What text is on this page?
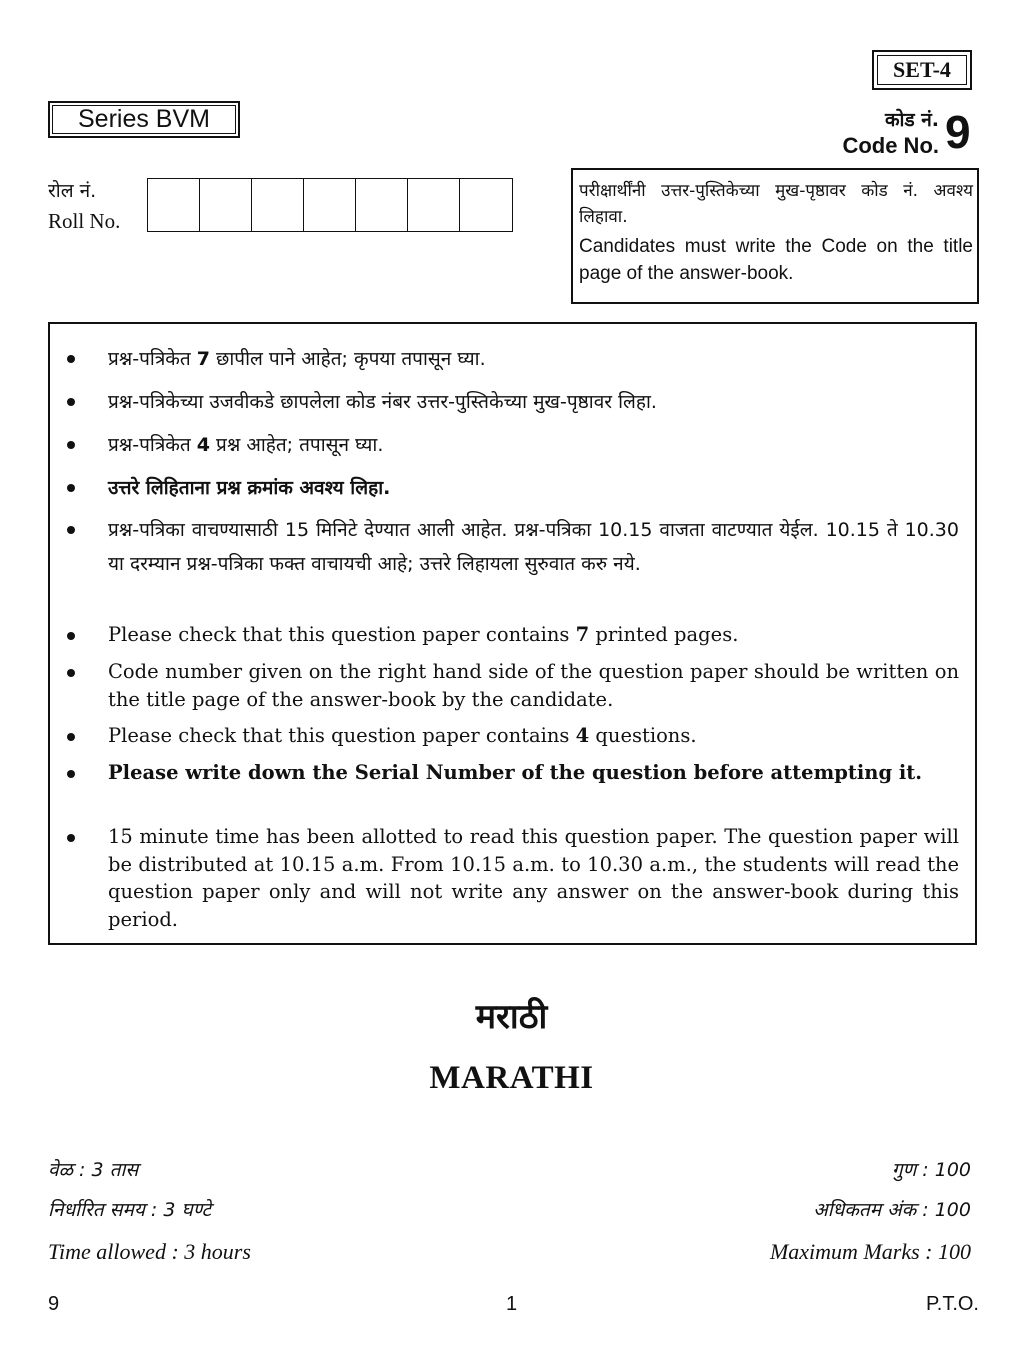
SET-4
Series BVM	कोड नं.
Code No. 9
रोल नं.
Roll No.
परीक्षार्थींनी उत्तर-पुस्तिकेच्या मुख-पृष्ठावर कोड नं. अवश्य लिहावा.
Candidates must write the Code on the title page of the answer-book.
प्रश्न-पत्रिकेत 7 छापील पाने आहेत; कृपया तपासून घ्या.
प्रश्न-पत्रिकेच्या उजवीकडे छापलेला कोड नंबर उत्तर-पुस्तिकेच्या मुख-पृष्ठावर लिहा.
प्रश्न-पत्रिकेत 4 प्रश्न आहेत; तपासून घ्या.
उत्तरे लिहिताना प्रश्न क्रमांक अवश्य लिहा.
प्रश्न-पत्रिका वाचण्यासाठी 15 मिनिटे देण्यात आली आहेत. प्रश्न-पत्रिका 10.15 वाजता वाटण्यात येईल. 10.15 ते 10.30 या दरम्यान प्रश्न-पत्रिका फक्त वाचायची आहे; उत्तरे लिहायला सुरुवात करु नये.
Please check that this question paper contains 7 printed pages.
Code number given on the right hand side of the question paper should be written on the title page of the answer-book by the candidate.
Please check that this question paper contains 4 questions.
Please write down the Serial Number of the question before attempting it.
15 minute time has been allotted to read this question paper. The question paper will be distributed at 10.15 a.m. From 10.15 a.m. to 10.30 a.m., the students will read the question paper only and will not write any answer on the answer-book during this period.
मराठी
MARATHI
वेळ : 3 तास
निर्धारित समय : 3 घण्टे
Time allowed : 3 hours
गुण : 100
अधिकतम अंक : 100
Maximum Marks : 100
9	1	P.T.O.
